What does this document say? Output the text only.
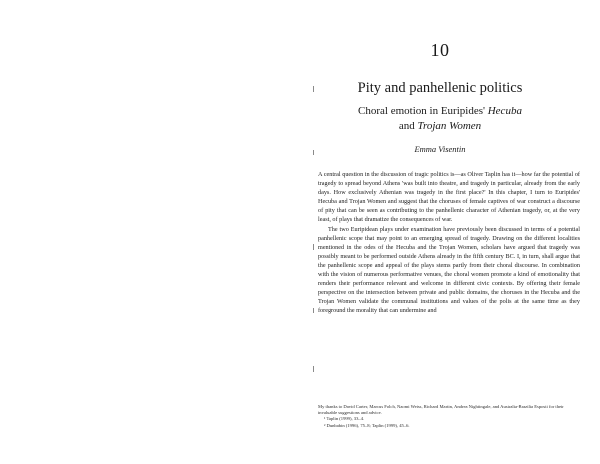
10
Pity and panhellenic politics
Choral emotion in Euripides' Hecuba
and Trojan Women
Emma Visentin

A central question in the discussion of tragic politics is—as Oliver Taplin has it—how far the potential of tragedy to spread beyond Athens 'was built into theatre, and tragedy in particular, already from the early days. How exclusively Athenian was tragedy in the first place?' In this chapter, I turn to Euripides' Hecuba and Trojan Women and suggest that the choruses of female captives of war construct a discourse of pity that can be seen as contributing to the panhellenic character of Athenian tragedy, or, at the very least, of plays that dramatize the consequences of war.

The two Euripidean plays under examination have previously been discussed in terms of a potential panhellenic scope that may point to an emerging spread of tragedy. Drawing on the different localities mentioned in the odes of the Hecuba and the Trojan Women, scholars have argued that tragedy was possibly meant to be performed outside Athens already in the fifth century BC. I, in turn, shall argue that the panhellenic scope and appeal of the plays stems partly from their choral discourse. In combination with the vision of numerous performative venues, the choral women promote a kind of emotionality that renders their performance relevant and welcome in different civic contexts. By offering their female perspective on the intersection between private and public domains, the choruses in the Hecuba and the Trojan Women validate the communal institutions and values of the polis at the same time as they foreground the morality that can undermine and

My thanks to David Carter, Marcus Folch, Naomi Weiss, Richard Martin, Andrea Nightingale, and Australia-Brazilia Esposti for their invaluable suggestions and advice.

¹ Taplin (1999), 33–4.

² Dunbabin (1996), 75–8; Taplin (1999), 45–6.
